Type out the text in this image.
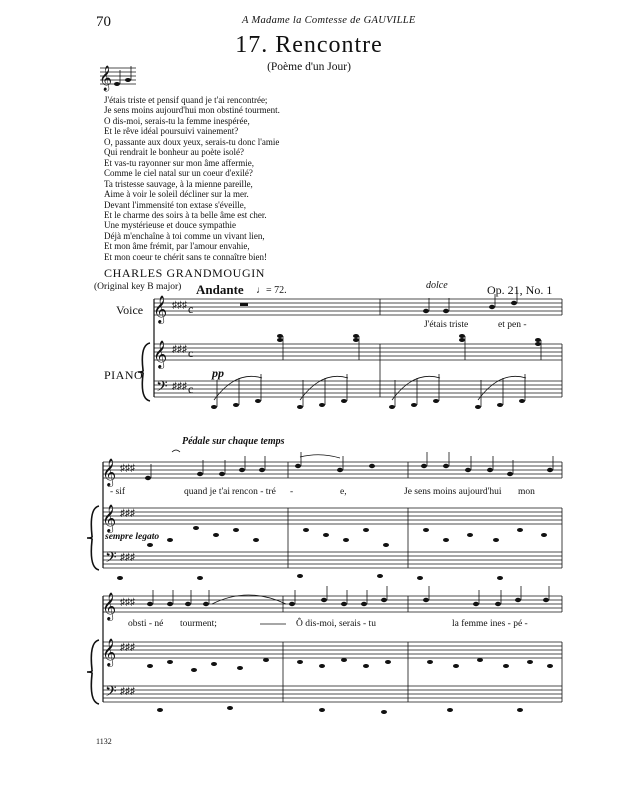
70	A Madame la Comtesse de GAUVILLE
17. Rencontre
(Poème d'un Jour)
J'étais triste et pensif quand je t'ai rencontrée;
Je sens moins aujourd'hui mon obstiné tourment.
O dis-moi, serais-tu la femme inespérée,
Et le rêve idéal poursuivi vainement?
O, passante aux doux yeux, serais-tu donc l'amie
Qui rendrait le bonheur au poète isolé?
Et vas-tu rayonner sur mon âme affermie,
Comme le ciel natal sur un coeur d'exilé?
Ta tristesse sauvage, à la mienne pareille,
Aime à voir le soleil décliner sur la mer.
Devant l'immensité ton extase s'éveille,
Et le charme des soirs à ta belle âme est cher.
Une mystérieuse et douce sympathie
Déjà m'enchaîne à toi comme un vivant lien,
Et mon âme frémit, par l'amour envahie,
Et mon coeur te chérit sans te connaître bien!
CHARLES GRANDMOUGIN
(Original key B major) Andante ♩= 72.	dolce	Op. 21, No. 1
Voice
PIANO	pp
Pédale sur chaque temps
sempre legato
J'étais triste	et pen -
- sif	quand je t'ai	-	e,	Je sens moins aujourd'hui mon
rencon - tré
obsti - né tourment;	Ô dis-moi, serais - tu	la femme ines - pé -
1132
𝄞
𝄞
𝄞
𝄢
♯♯♯
♯♯♯
♯♯♯
c
c
c
𝄞
𝄞
𝄢
♯♯♯
♯♯♯
♯♯♯
𝄞
𝄞
𝄢
♯♯♯
♯♯♯
♯♯♯
